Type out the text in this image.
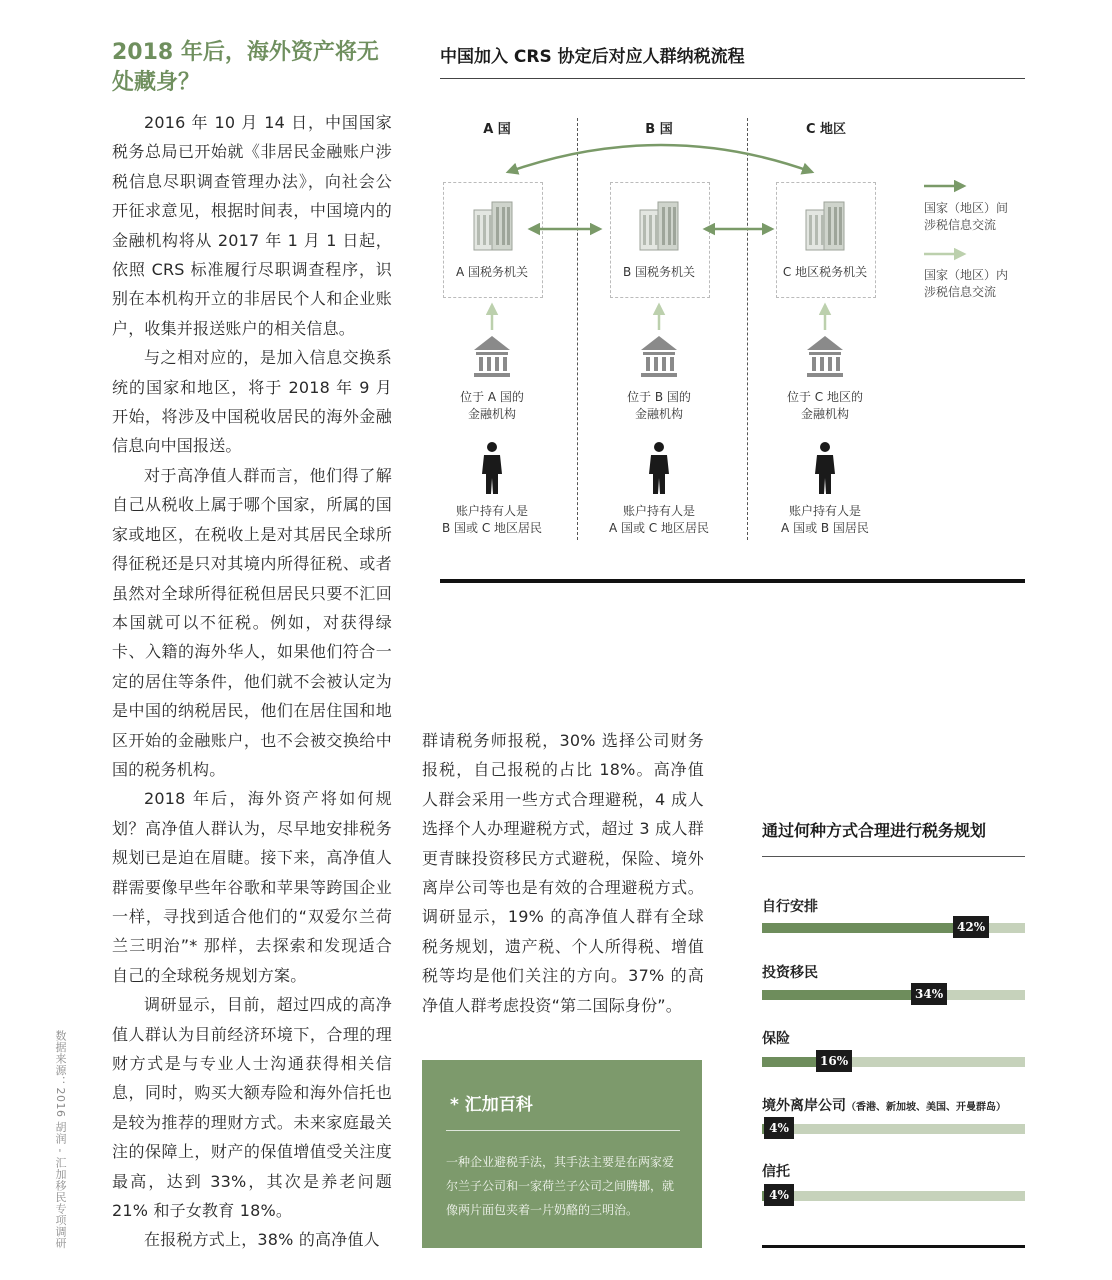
2018 年后，海外资产将无处藏身？

2016 年 10 月 14 日，中国国家税务总局已开始就《非居民金融账户涉税信息尽职调查管理办法》，向社会公开征求意见，根据时间表，中国境内的金融机构将从 2017 年 1 月 1 日起，依照 CRS 标准履行尽职调查程序，识别在本机构开立的非居民个人和企业账户，收集并报送账户的相关信息。

与之相对应的，是加入信息交换系统的国家和地区，将于 2018 年 9 月开始，将涉及中国税收居民的海外金融信息向中国报送。

对于高净值人群而言，他们得了解自己从税收上属于哪个国家，所属的国家或地区，在税收上是对其居民全球所得征税还是只对其境内所得征税、或者虽然对全球所得征税但居民只要不汇回本国就可以不征税。例如，对获得绿卡、入籍的海外华人，如果他们符合一定的居住等条件，他们就不会被认定为是中国的纳税居民，他们在居住国和地区开始的金融账户，也不会被交换给中国的税务机构。

2018 年后，海外资产将如何规划？高净值人群认为，尽早地安排税务规划已是迫在眉睫。接下来，高净值人群需要像早些年谷歌和苹果等跨国企业一样，寻找到适合他们的“双爱尔兰荷兰三明治”* 那样，去探索和发现适合自己的全球税务规划方案。

调研显示，目前，超过四成的高净值人群认为目前经济环境下，合理的理财方式是与专业人士沟通获得相关信息，同时，购买大额寿险和海外信托也是较为推荐的理财方式。未来家庭最关注的保障上，财产的保值增值受关注度最高，达到 33%，其次是养老问题 21% 和子女教育 18%。

在报税方式上，38% 的高净值人

群请税务师报税，30% 选择公司财务报税，自己报税的占比 18%。高净值人群会采用一些方式合理避税，4 成人选择个人办理避税方式，超过 3 成人群更青睐投资移民方式避税，保险、境外离岸公司等也是有效的合理避税方式。调研显示，19% 的高净值人群有全球税务规划，遗产税、个人所得税、增值税等均是他们关注的方向。37% 的高净值人群考虑投资“第二国际身份”。

数据来源：2016 胡润 - 汇加移民专项调研
中国加入 CRS 协定后对应人群纳税流程
A 国	B 国	C 地区
A 国税务机关	B 国税务机关	C 地区税务机关
位于 A 国的
金融机构
位于 B 国的
金融机构
位于 C 地区的
金融机构
账户持有人是
B 国或 C 地区居民
账户持有人是
A 国或 C 地区居民
账户持有人是
A 国或 B 国居民
国家（地区）间
涉税信息交流
国家（地区）内
涉税信息交流
* 汇加百科
一种企业避税手法，其手法主要是在两家爱尔兰子公司和一家荷兰子公司之间腾挪，就像两片面包夹着一片奶酪的三明治。
通过何种方式合理进行税务规划
自行安排
42%
投资移民
34%
保险
16%
境外离岸公司（香港、新加坡、美国、开曼群岛）
4%
信托
4%
